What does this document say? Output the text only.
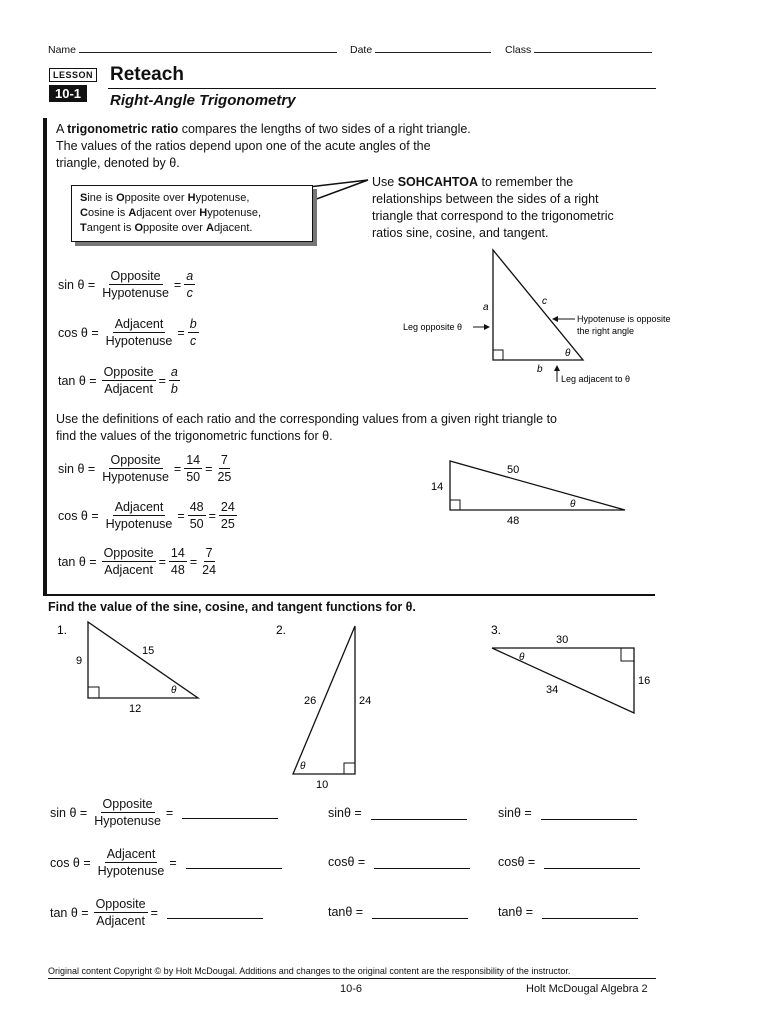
Name	Date	Class
LESSON
10-1
Reteach
Right-Angle Trigonometry
A trigonometric ratio compares the lengths of two sides of a right triangle.
The values of the ratios depend upon one of the acute angles of the
triangle, denoted by θ.
Sine is Opposite over Hypotenuse,
Cosine is Adjacent over Hypotenuse,
Tangent is Opposite over Adjacent.
Use SOHCAHTOA to remember the
relationships between the sides of a right
triangle that correspond to the trigonometric
ratios sine, cosine, and tangent.
$\sin \theta = \frac{\text{Opposite}}{\text{Hypotenuse}} = \frac{a}{c}$
$\cos \theta = \frac{\text{Adjacent}}{\text{Hypotenuse}} = \frac{b}{c}$
$\tan \theta = \frac{\text{Opposite}}{\text{Adjacent}} = \frac{a}{b}$
a
c
θ
b
Leg opposite θ
Hypotenuse is opposite
the right angle
Leg adjacent to θ
Use the definitions of each ratio and the corresponding values from a given right triangle to
find the values of the trigonometric functions for θ.
$\sin \theta = \frac{\text{Opposite}}{\text{Hypotenuse}} = \frac{14}{50} = \frac{7}{25}$
$\cos \theta = \frac{\text{Adjacent}}{\text{Hypotenuse}} = \frac{48}{50} = \frac{24}{25}$
$\tan \theta = \frac{\text{Opposite}}{\text{Adjacent}} = \frac{14}{48} = \frac{7}{24}$
14
50
48
θ
Find the value of the sine, cosine, and tangent functions for θ.
1.
9
15
12
θ
2.
26	24
10
θ
3.
30
16
34
θ
$\sin \theta = \frac{\text{Opposite}}{\text{Hypotenuse}}$ =
$\cos \theta = \frac{\text{Adjacent}}{\text{Hypotenuse}}$ =
$\tan \theta = \frac{\text{Opposite}}{\text{Adjacent}}$ =
sinθ =
cosθ =
tanθ =
sinθ =
cosθ =
tanθ =
Original content Copyright © by Holt McDougal. Additions and changes to the original content are the responsibility of the instructor.
10-6	Holt McDougal Algebra 2
